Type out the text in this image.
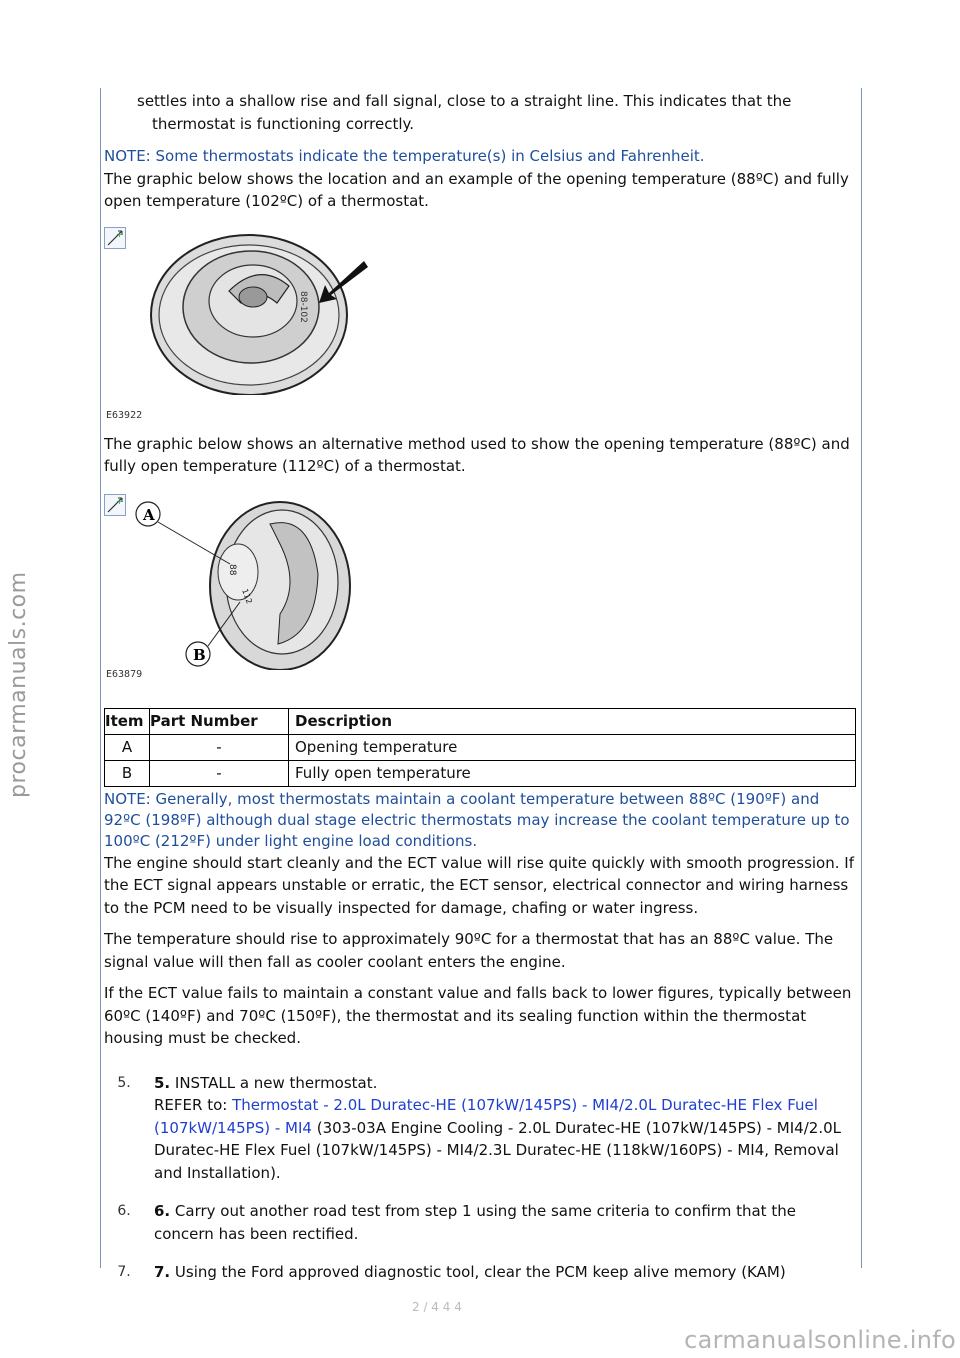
procarmanuals.com
carmanualsonline.info

settles into a shallow rise and fall signal, close to a straight line. This indicates that the thermostat is functioning correctly.

NOTE: Some thermostats indicate the temperature(s) in Celsius and Fahrenheit.

The graphic below shows the location and an example of the opening temperature (88ºC) and fully open temperature (102ºC) of a thermostat.

+
88-102
E63922

The graphic below shows an alternative method used to show the opening temperature (88ºC) and fully open temperature (112ºC) of a thermostat.

+
A
B
88
112
E63879
Item	Part Number	Description
A	-	Opening temperature
B	-	Fully open temperature

NOTE: Generally, most thermostats maintain a coolant temperature between 88ºC (190ºF) and 92ºC (198ºF) although dual stage electric thermostats may increase the coolant temperature up to 100ºC (212ºF) under light engine load conditions.

The engine should start cleanly and the ECT value will rise quite quickly with smooth progression. If the ECT signal appears unstable or erratic, the ECT sensor, electrical connector and wiring harness to the PCM need to be visually inspected for damage, chafing or water ingress.

The temperature should rise to approximately 90ºC for a thermostat that has an 88ºC value. The signal value will then fall as cooler coolant enters the engine.

If the ECT value fails to maintain a constant value and falls back to lower figures, typically between 60ºC (140ºF) and 70ºC (150ºF), the thermostat and its sealing function within the thermostat housing must be checked.

5.	5. INSTALL a new thermostat.
REFER to: Thermostat - 2.0L Duratec-HE (107kW/145PS) - MI4/2.0L Duratec-HE Flex Fuel (107kW/145PS) - MI4 (303-03A Engine Cooling - 2.0L Duratec-HE (107kW/145PS) - MI4/2.0L Duratec-HE Flex Fuel (107kW/145PS) - MI4/2.3L Duratec-HE (118kW/160PS) - MI4, Removal and Installation).
6.	6. Carry out another road test from step 1 using the same criteria to confirm that the concern has been rectified.
7.	7. Using the Ford approved diagnostic tool, clear the PCM keep alive memory (KAM)
2 / 4 4 4
